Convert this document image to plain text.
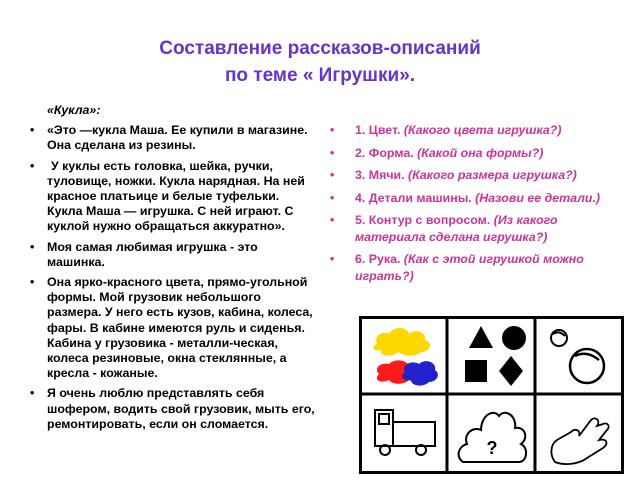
Составление рассказов-описаний
по теме « Игрушки».
«Кукла»:
• «Это —кукла Маша. Ее купили в магазине. Она сделана из резины.
• У куклы есть головка, шейка, ручки, туловище, ножки. Кукла нарядная. На ней красное платьице и белые туфельки. Кукла Маша — игрушка. С ней играют. С куклой нужно обращаться аккуратно».
• Моя самая любимая игрушка - это машинка.
• Она ярко-красного цвета, прямо-угольной формы. Мой грузовик небольшого размера. У него есть кузов, кабина, колеса, фары. В кабине имеются руль и сиденья. Кабина у грузовика - металли-ческая, колеса резиновые, окна стеклянные, а кресла - кожаные.
• Я очень люблю представлять себя шофером, водить свой грузовик, мыть его, ремонтировать, если он сломается.
• 1. Цвет. (Какого цвета игрушка?)
• 2. Форма. (Какой она формы?)
• 3. Мячи. (Какого размера игрушка?)
• 4. Детали машины. (Назови ее детали.)
• 5. Контур с вопросом. (Из какого материала сделана игрушка?)
• 6. Рука. (Как с этой игрушкой можно играть?)
?
